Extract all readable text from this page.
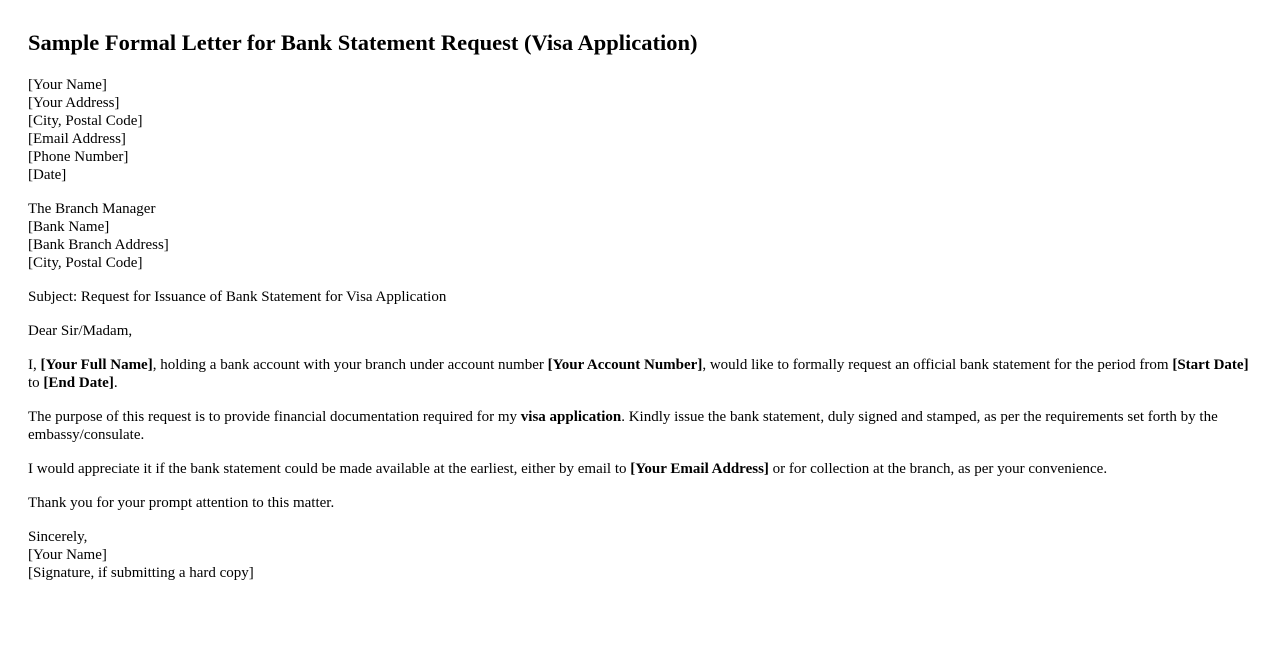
Sample Formal Letter for Bank Statement Request (Visa Application)
[Your Name]
[Your Address]
[City, Postal Code]
[Email Address]
[Phone Number]
[Date]
The Branch Manager
[Bank Name]
[Bank Branch Address]
[City, Postal Code]

Subject: Request for Issuance of Bank Statement for Visa Application

Dear Sir/Madam,

I, [Your Full Name], holding a bank account with your branch under account number [Your Account Number], would like to formally request an official bank statement for the period from [Start Date] to [End Date].

The purpose of this request is to provide financial documentation required for my visa application. Kindly issue the bank statement, duly signed and stamped, as per the requirements set forth by the embassy/consulate.

I would appreciate it if the bank statement could be made available at the earliest, either by email to [Your Email Address] or for collection at the branch, as per your convenience.

Thank you for your prompt attention to this matter.

Sincerely,
[Your Name]
[Signature, if submitting a hard copy]
